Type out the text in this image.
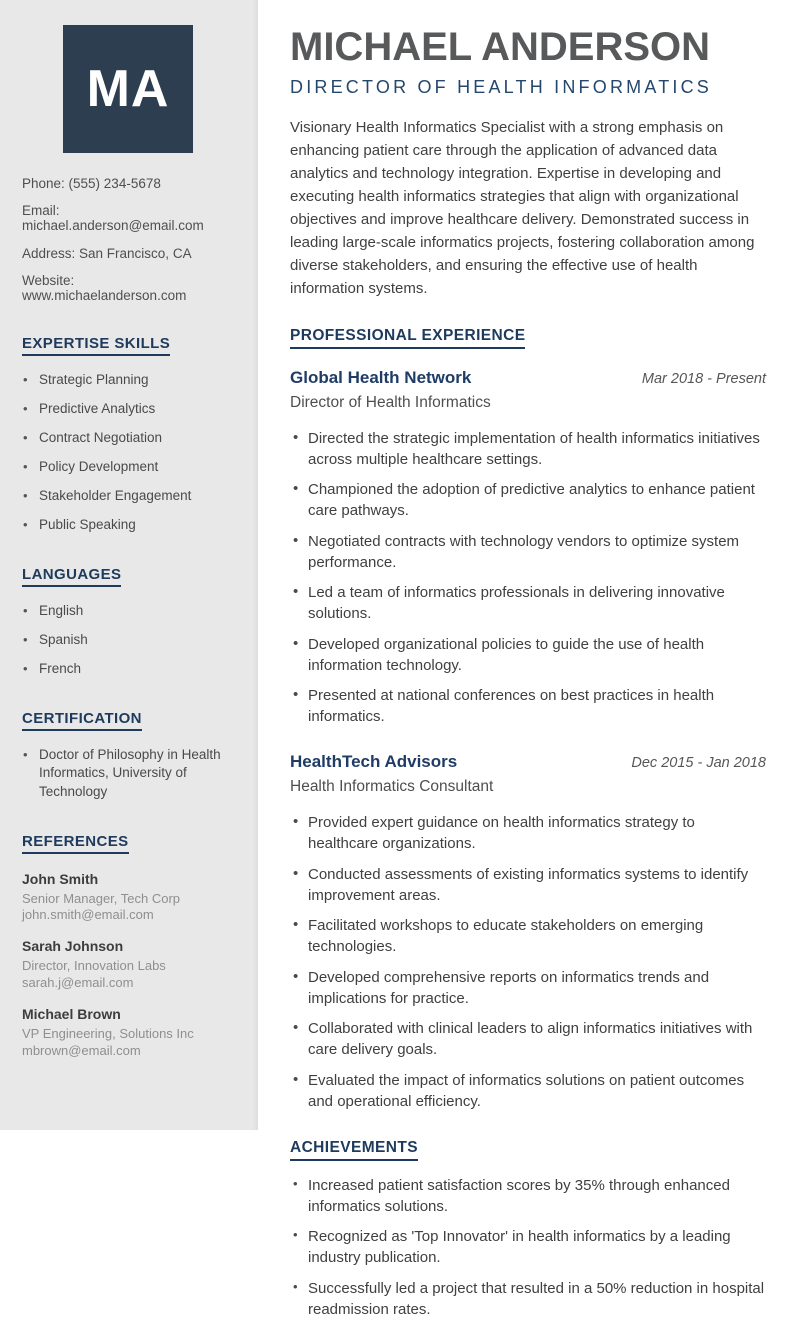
MA
Phone: (555) 234-5678
Email: michael.anderson@email.com
Address: San Francisco, CA
Website: www.michaelanderson.com
EXPERTISE SKILLS
• Strategic Planning
• Predictive Analytics
• Contract Negotiation
• Policy Development
• Stakeholder Engagement
• Public Speaking
LANGUAGES
• English
• Spanish
• French
CERTIFICATION
• Doctor of Philosophy in Health Informatics, University of Technology
REFERENCES
John Smith
Senior Manager, Tech Corp
john.smith@email.com
Sarah Johnson
Director, Innovation Labs
sarah.j@email.com
Michael Brown
VP Engineering, Solutions Inc
mbrown@email.com
MICHAEL ANDERSON
DIRECTOR OF HEALTH INFORMATICS

Visionary Health Informatics Specialist with a strong emphasis on enhancing patient care through the application of advanced data analytics and technology integration. Expertise in developing and executing health informatics strategies that align with organizational objectives and improve healthcare delivery. Demonstrated success in leading large-scale informatics projects, fostering collaboration among diverse stakeholders, and ensuring the effective use of health information systems.

PROFESSIONAL EXPERIENCE
Global Health Network	Mar 2018 - Present
Director of Health Informatics
• Directed the strategic implementation of health informatics initiatives across multiple healthcare settings.
• Championed the adoption of predictive analytics to enhance patient care pathways.
• Negotiated contracts with technology vendors to optimize system performance.
• Led a team of informatics professionals in delivering innovative solutions.
• Developed organizational policies to guide the use of health information technology.
• Presented at national conferences on best practices in health informatics.
HealthTech Advisors	Dec 2015 - Jan 2018
Health Informatics Consultant
• Provided expert guidance on health informatics strategy to healthcare organizations.
• Conducted assessments of existing informatics systems to identify improvement areas.
• Facilitated workshops to educate stakeholders on emerging technologies.
• Developed comprehensive reports on informatics trends and implications for practice.
• Collaborated with clinical leaders to align informatics initiatives with care delivery goals.
• Evaluated the impact of informatics solutions on patient outcomes and operational efficiency.
ACHIEVEMENTS
• Increased patient satisfaction scores by 35% through enhanced informatics solutions.
• Recognized as 'Top Innovator' in health informatics by a leading industry publication.
• Successfully led a project that resulted in a 50% reduction in hospital readmission rates.
